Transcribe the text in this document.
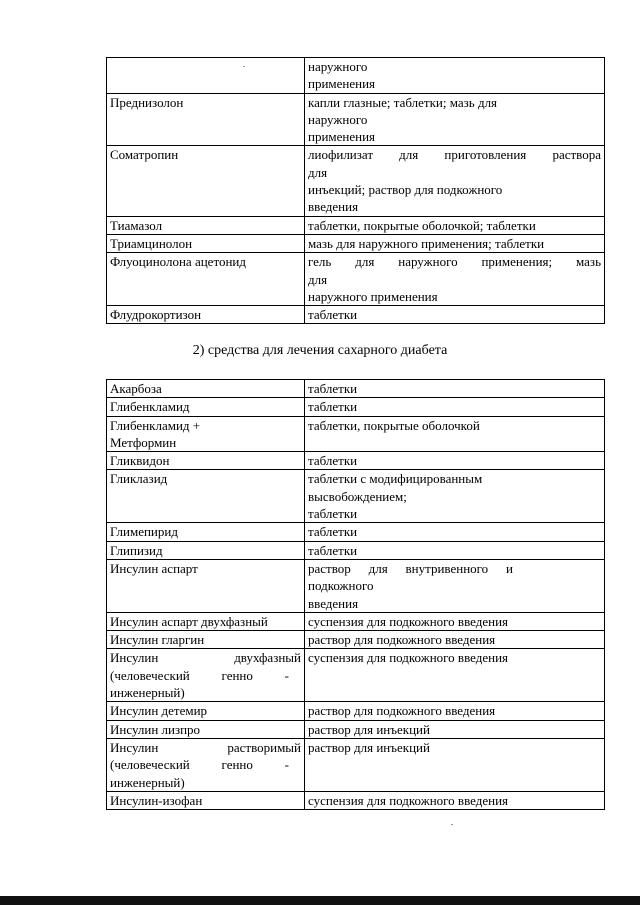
	наружного
применения

Преднизолон	капли глазные; таблетки; мазь для
наружного
применения

Соматропин	лиофилизат для приготовления раствора
для
инъекций; раствор для подкожного
введения

Тиамазол	таблетки, покрытые оболочкой; таблетки

Триамцинолон	мазь для наружного применения; таблетки

Флуоцинолона ацетонид	гель для наружного применения; мазь
для
наружного применения

Флудрокортизон	таблетки
2) средства для лечения сахарного диабета
Акарбоза	таблетки

Глибенкламид	таблетки

Глибенкламид +
Метформин	таблетки, покрытые оболочкой

Гликвидон	таблетки

Гликлазид	таблетки с модифицированным
высвобождением;
таблетки

Глимепирид	таблетки

Глипизид	таблетки

Инсулин аспарт	раствор для внутривенного и
подкожного
введения

Инсулин аспарт двухфазный	суспензия для подкожного введения

Инсулин гларгин	раствор для подкожного введения

Инсулин двухфазный
(человеческий генно -
инженерный)	суспензия для подкожного введения

Инсулин детемир	раствор для подкожного введения

Инсулин лизпро	раствор для инъекций

Инсулин растворимый
(человеческий генно -
инженерный)	раствор для инъекций

Инсулин-изофан	суспензия для подкожного введения
